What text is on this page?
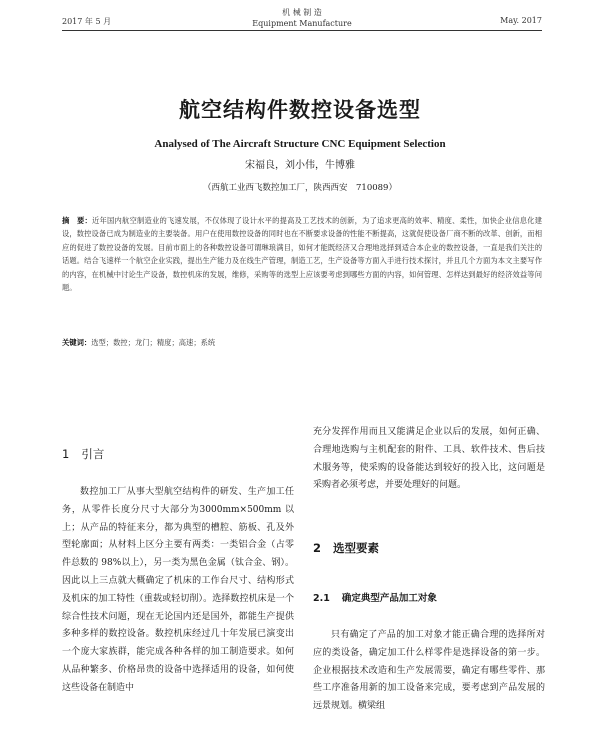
2017 年 5 月
机 械 制 造
Equipment Manufacture	May. 2017
航空结构件数控设备选型
Analysed of The Aircraft Structure CNC Equipment Selection
宋福良，刘小伟，牛博雅
（西航工业西飞数控加工厂，陕西西安　710089）
摘　要：近年国内航空制造业的飞速发展，不仅体现了设计水平的提高及工艺技术的创新，为了追求更高的效率、精度、柔性，加快企业信息化建设，数控设备已成为制造业的主要装备。用户在使用数控设备的同时也在不断要求设备的性能不断提高，这就促使设备厂商不断的改革、创新，而相应的促进了数控设备的发展。目前市面上的各种数控设备可谓琳琅满目，如何才能既经济又合理地选择到适合本企业的数控设备，一直是我们关注的话题。结合飞速样一个航空企业实践，提出生产能力及在线生产管理，制造工艺，生产设备等方面入手进行技术探讨，并且几个方面为本文主要写作的内容，在机械中讨论生产设备，数控机床的发展，维修，采购等的选型上应该要考虑到哪些方面的内容，如何管理、怎样达到最好的经济效益等问题。
关键词：选型；数控；龙门；精度；高速；系统
1 引言
数控加工厂从事大型航空结构件的研发、生产加工任务，从零件长度分尺寸大部分为3000mm×500mm 以上；从产品的特征来分，都为典型的槽腔、筋板、孔及外型轮廓面；从材料上区分主要有两类：一类铝合金（占零件总数的 98%以上），另一类为黑色金属（钛合金、钢）。因此以上三点就大概确定了机床的工作台尺寸、结构形式及机床的加工特性（重载或轻切削）。选择数控机床是一个综合性技术问题，现在无论国内还是国外，都能生产提供多种多样的数控设备。数控机床经过几十年发展已演变出一个庞大家族群，能完成各种各样的加工制造要求。如何从品种繁多、价格昂贵的设备中选择适用的设备，如何使这些设备在制造中
充分发挥作用而且又能满足企业以后的发展，如何正确、合理地选购与主机配套的附件、工具、软件技术、售后技术服务等，使采购的设备能达到较好的投入比，这问题是采购者必须考虑，并要处理好的问题。
2 选型要素
2.1 确定典型产品加工对象
只有确定了产品的加工对象才能正确合理的选择所对应的类设备，确定加工什么样零件是选择设备的第一步。企业根据技术改造和生产发展需要，确定有哪些零件、那些工序准备用新的加工设备来完成，要考虑到产品发展的远景规划。横梁组
